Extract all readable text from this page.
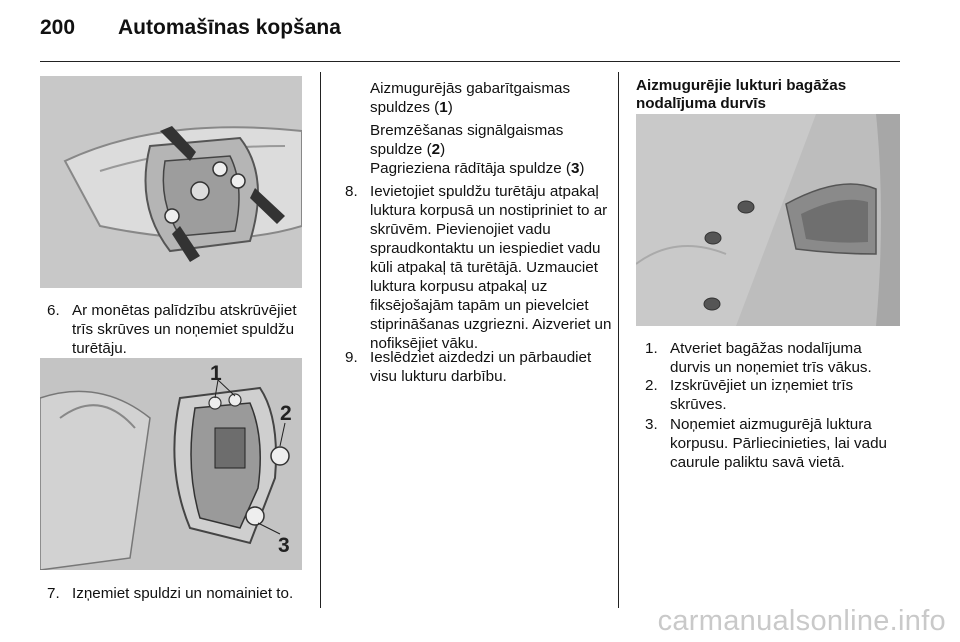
200 Automašīnas kopšana
6. Ar monētas palīdzību atskrūvējiet trīs skrūves un noņemiet spuldžu turētāju.
1
2
3
7. Izņemiet spuldzi un nomainiet to.
Aizmugurējās gabarītgaismas spuldzes (1)
Bremzēšanas signālgaismas spuldze (2)
Pagrieziena rādītāja spuldze (3)
8. Ievietojiet spuldžu turētāju atpakaļ luktura korpusā un nostipriniet to ar skrūvēm. Pievienojiet vadu spraudkontaktu un iespiediet vadu kūli atpakaļ tā turētājā. Uzmauciet luktura korpusu atpakaļ uz fiksējošajām tapām un pievelciet stiprināšanas uzgriezni. Aizveriet un nofiksējiet vāku.
9. Ieslēdziet aizdedzi un pārbaudiet visu lukturu darbību.
Aizmugurējie lukturi bagāžas nodalījuma durvīs
1. Atveriet bagāžas nodalījuma durvis un noņemiet trīs vākus.
2. Izskrūvējiet un izņemiet trīs skrūves.
3. Noņemiet aizmugurējā luktura korpusu. Pārliecinieties, lai vadu caurule paliktu savā vietā.
carmanualsonline.info
